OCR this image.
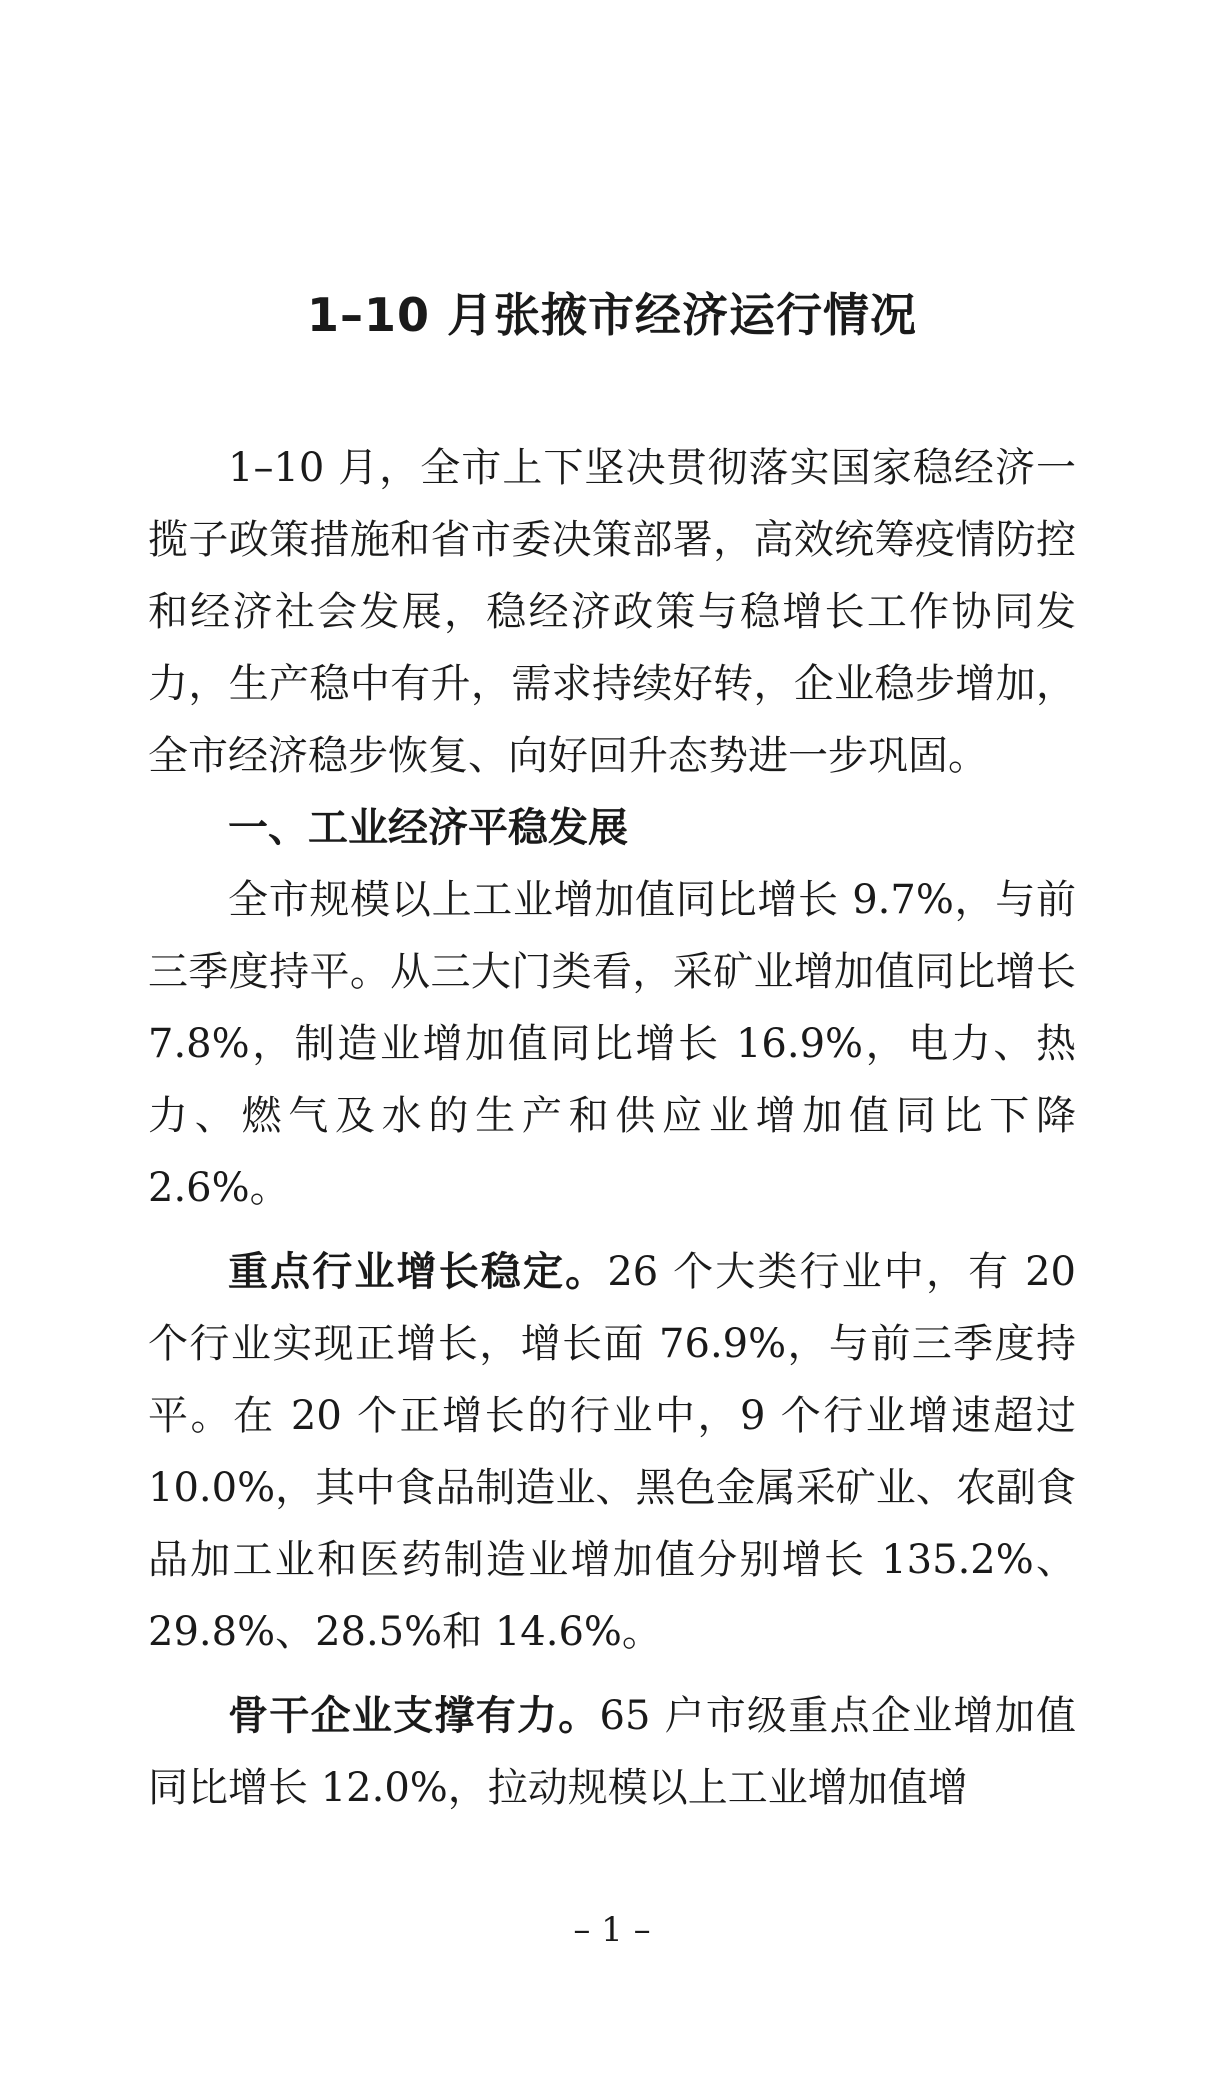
1–10 月张掖市经济运行情况

1–10 月，全市上下坚决贯彻落实国家稳经济一揽子政策措施和省市委决策部署，高效统筹疫情防控和经济社会发展，稳经济政策与稳增长工作协同发力，生产稳中有升，需求持续好转，企业稳步增加，全市经济稳步恢复、向好回升态势进一步巩固。

一、工业经济平稳发展

全市规模以上工业增加值同比增长 9.7%，与前三季度持平。从三大门类看，采矿业增加值同比增长 7.8%，制造业增加值同比增长 16.9%，电力、热力、燃气及水的生产和供应业增加值同比下降 2.6%。

重点行业增长稳定。26 个大类行业中，有 20 个行业实现正增长，增长面 76.9%，与前三季度持平。在 20 个正增长的行业中，9 个行业增速超过 10.0%，其中食品制造业、黑色金属采矿业、农副食品加工业和医药制造业增加值分别增长 135.2%、29.8%、28.5%和 14.6%。

骨干企业支撑有力。65 户市级重点企业增加值同比增长 12.0%，拉动规模以上工业增加值增

– 1 –
